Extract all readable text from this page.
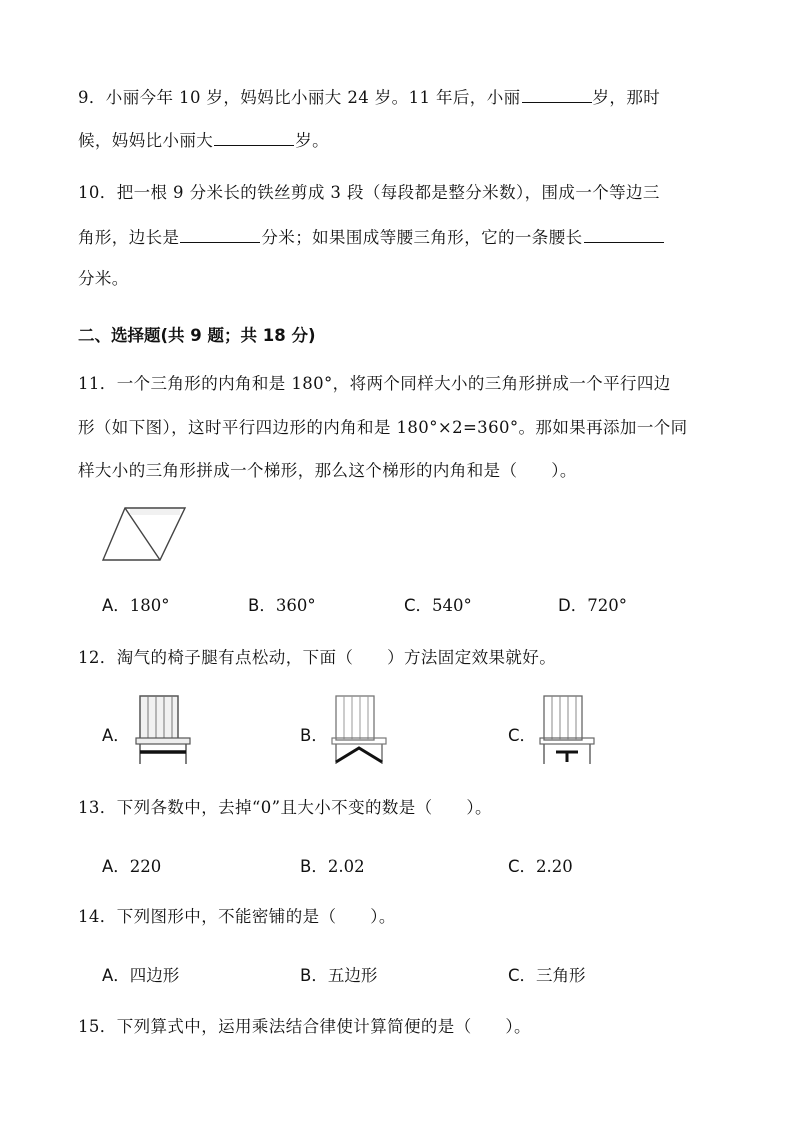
9．小丽今年 10 岁，妈妈比小丽大 24 岁。11 年后，小丽	岁，那时
候，妈妈比小丽大	岁。
10．把一根 9 分米长的铁丝剪成 3 段（每段都是整分米数），围成一个等边三
角形，边长是	分米；如果围成等腰三角形，它的一条腰长
分米。
二、选择题(共 9 题；共 18 分)
11．一个三角形的内角和是 180°，将两个同样大小的三角形拼成一个平行四边
形（如下图），这时平行四边形的内角和是 180°×2=360°。那如果再添加一个同
样大小的三角形拼成一个梯形，那么这个梯形的内角和是（　　）。
A．180°	B．360°	C．540°	D．720°
12．淘气的椅子腿有点松动，下面（　　）方法固定效果就好。
A．	B．	C．
13．下列各数中，去掉“0”且大小不变的数是（　　）。
A．220	B．2.02	C．2.20
14．下列图形中，不能密铺的是（　　）。
A．四边形	B．五边形	C．三角形
15．下列算式中，运用乘法结合律使计算简便的是（　　）。
